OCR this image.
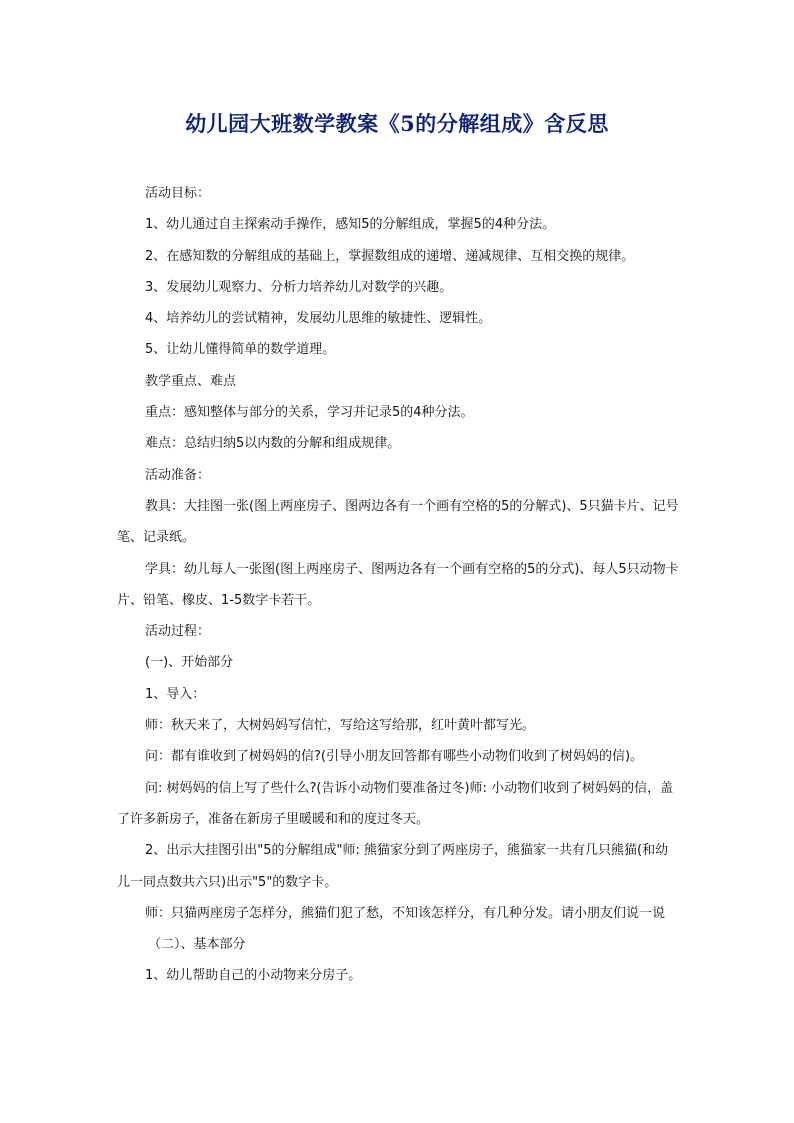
幼儿园大班数学教案《5的分解组成》含反思

活动目标：

1、幼儿通过自主探索动手操作，感知5的分解组成，掌握5的4种分法。

2、在感知数的分解组成的基础上，掌握数组成的递增、递减规律、互相交换的规律。

3、发展幼儿观察力、分析力培养幼儿对数学的兴趣。

4、培养幼儿的尝试精神，发展幼儿思维的敏捷性、逻辑性。

5、让幼儿懂得简单的数学道理。

教学重点、难点

重点：感知整体与部分的关系，学习并记录5的4种分法。

难点：总结归纳5以内数的分解和组成规律。

活动准备：

教具：大挂图一张(图上两座房子、图两边各有一个画有空格的5的分解式)、5只猫卡片、记号笔、记录纸。

学具：幼儿每人一张图(图上两座房子、图两边各有一个画有空格的5的分式)、每人5只动物卡片、铅笔、橡皮、1-5数字卡若干。

活动过程：

(一)、开始部分

1、导入：

师：秋天来了，大树妈妈写信忙，写给这写给那，红叶黄叶都写光。

问：都有谁收到了树妈妈的信?(引导小朋友回答都有哪些小动物们收到了树妈妈的信)。

问: 树妈妈的信上写了些什么?(告诉小动物们要准备过冬)师: 小动物们收到了树妈妈的信，盖了许多新房子，准备在新房子里暖暖和和的度过冬天。

2、出示大挂图引出"5的分解组成"师: 熊猫家分到了两座房子，熊猫家一共有几只熊猫(和幼儿一同点数共六只)出示"5"的数字卡。

师：只猫两座房子怎样分，熊猫们犯了愁，不知该怎样分，有几种分发。请小朋友们说一说

（二）、基本部分

1、幼儿帮助自己的小动物来分房子。
